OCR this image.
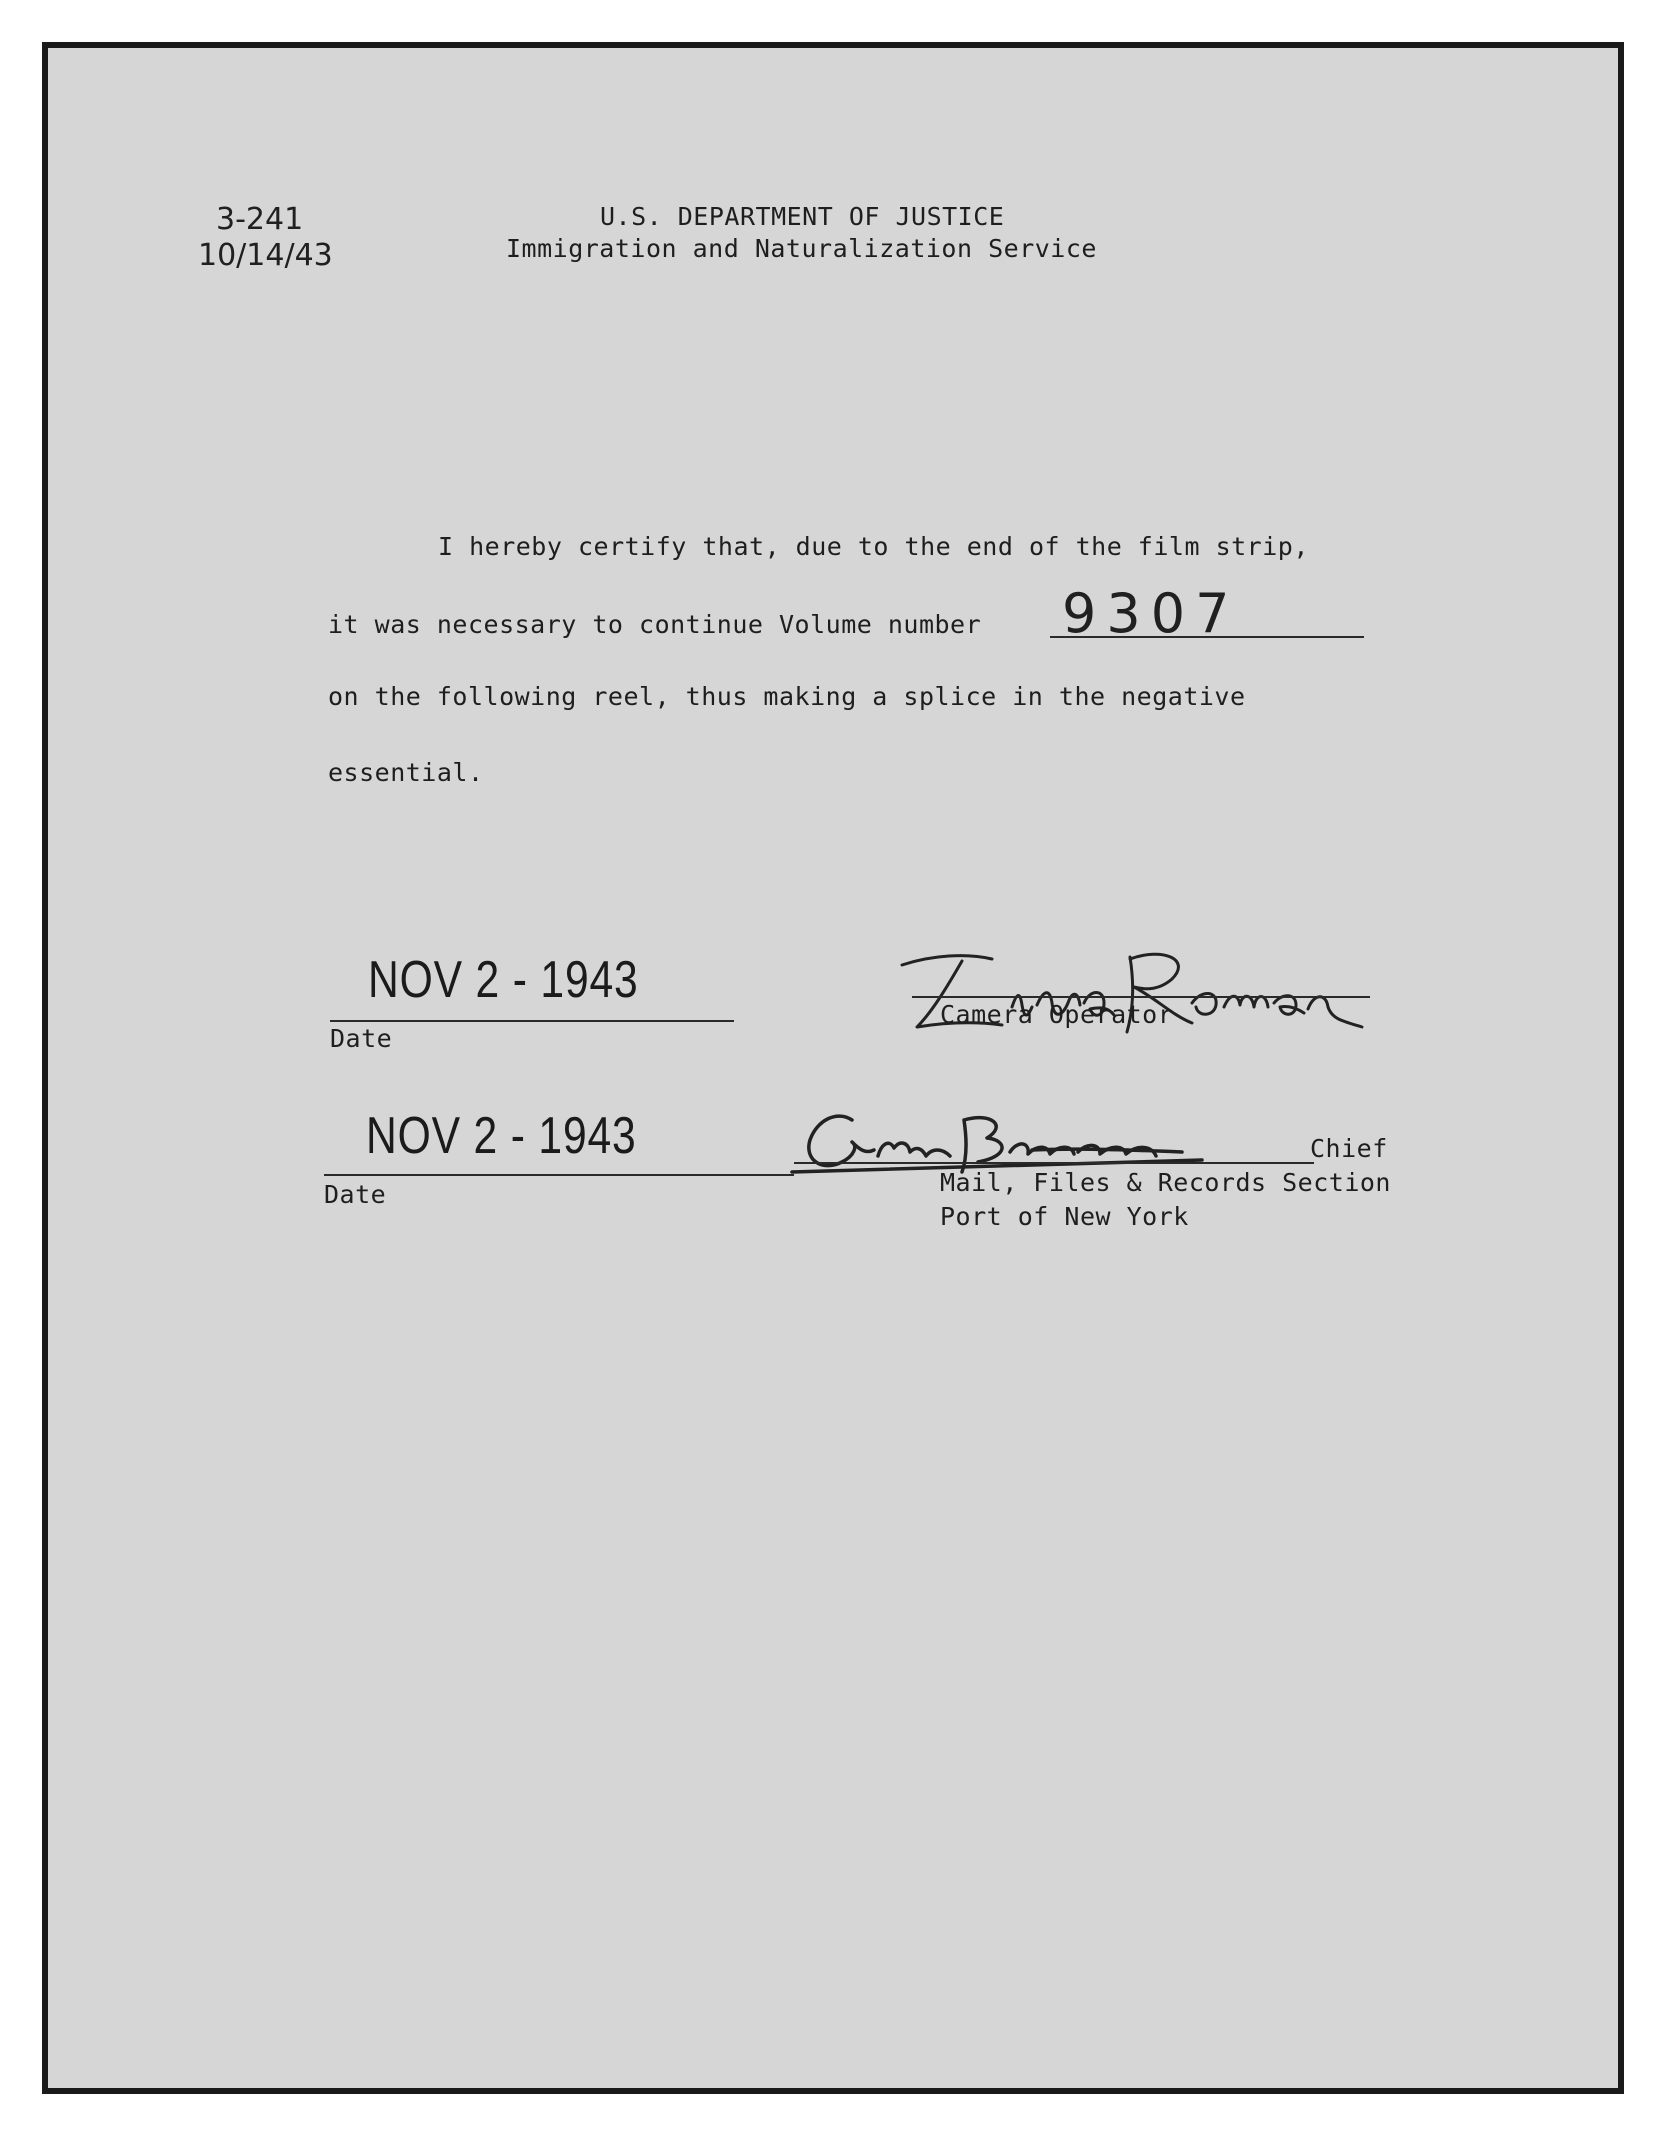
3-241
10/14/43
U.S. DEPARTMENT OF JUSTICE
Immigration and Naturalization Service
I hereby certify that, due to the end of the film strip,
it was necessary to continue Volume number 9307
on the following reel, thus making a splice in the negative
essential.
NOV 2 - 1943
Date
Camera Operator
NOV 2 - 1943
Date
Chief
Mail, Files & Records Section
Port of New York
